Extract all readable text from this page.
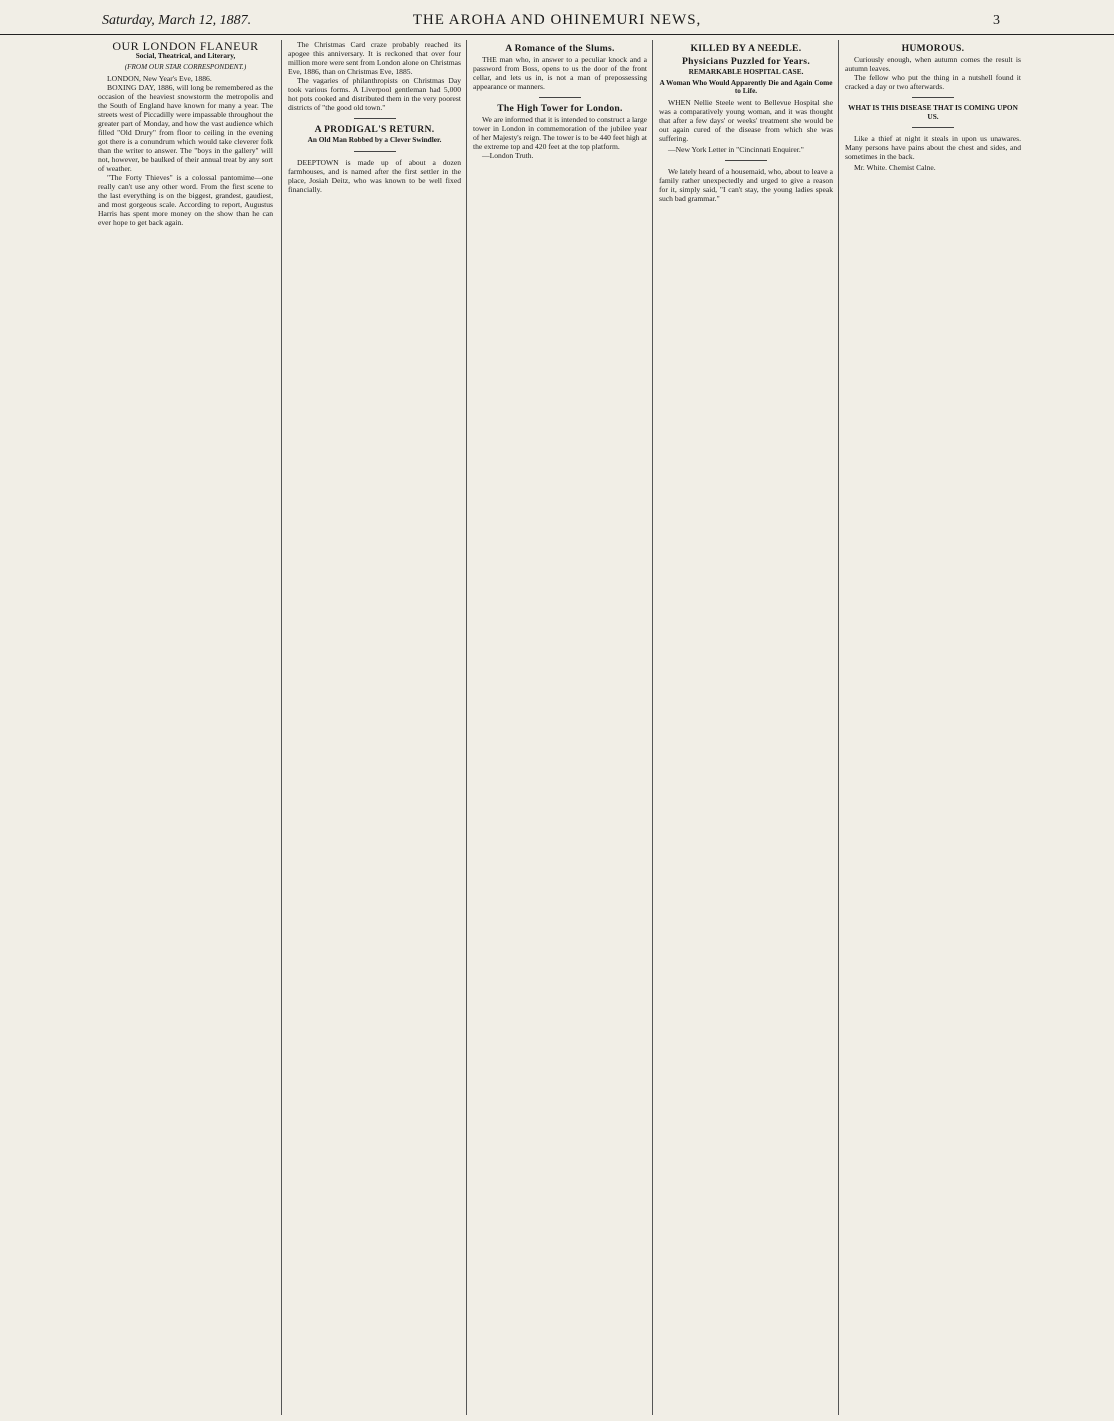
Saturday, March 12, 1887.	THE AROHA AND OHINEMURI NEWS,	3
OUR LONDON FLANEUR
Social, Theatrical, and Literary,
(FROM OUR STAR CORRESPONDENT.)

LONDON, New Year's Eve, 1886.

BOXING DAY, 1886, will long be remembered as the occasion of the heaviest snowstorm the metropolis and the South of England have known for many a year. The streets west of Piccadilly were impassable throughout the greater part of Monday, and how the vast audience which filled "Old Drury" from floor to ceiling in the evening got there is a conundrum which would take cleverer folk than the writer to answer. The "boys in the gallery" will not, however, be baulked of their annual treat by any sort of weather.

"The Forty Thieves" is a colossal pantomime—one really can't use any other word. From the first scene to the last everything is on the biggest, grandest, gaudiest, and most gorgeous scale. According to report, Augustus Harris has spent more money on the show than he can ever hope to get back again.

The Christmas Card craze probably reached its apogee this anniversary. It is reckoned that over four million more were sent from London alone on Christmas Eve, 1886, than on Christmas Eve, 1885.

The vagaries of philanthropists on Christmas Day took various forms. A Liverpool gentleman had 5,000 hot pots cooked and distributed them in the very poorest districts of "the good old town."

A PRODIGAL'S RETURN.
An Old Man Robbed by a Clever Swindler.

DEEPTOWN is made up of about a dozen farmhouses, and is named after the first settler in the place, Josiah Deitz, who was known to be well fixed financially.

A Romance of the Slums.

THE man who, in answer to a peculiar knock and a password from Boss, opens to us the door of the front cellar, and lets us in, is not a man of prepossessing appearance or manners.

The High Tower for London.

We are informed that it is intended to construct a large tower in London in commemoration of the jubilee year of her Majesty's reign. The tower is to be 440 feet high at the extreme top and 420 feet at the top platform.

—London Truth.

KILLED BY A NEEDLE.
Physicians Puzzled for Years.
REMARKABLE HOSPITAL CASE.
A Woman Who Would Apparently Die and Again Come to Life.

WHEN Nellie Steele went to Bellevue Hospital she was a comparatively young woman, and it was thought that after a few days' or weeks' treatment she would be out again cured of the disease from which she was suffering.

—New York Letter in "Cincinnati Enquirer."

We lately heard of a housemaid, who, about to leave a family rather unexpectedly and urged to give a reason for it, simply said, "I can't stay, the young ladies speak such bad grammar."

HUMOROUS.

Curiously enough, when autumn comes the result is autumn leaves.

The fellow who put the thing in a nutshell found it cracked a day or two afterwards.

WHAT IS THIS DISEASE THAT IS COMING UPON US.

Like a thief at night it steals in upon us unawares. Many persons have pains about the chest and sides, and sometimes in the back.

Mr. White. Chemist Calne.
